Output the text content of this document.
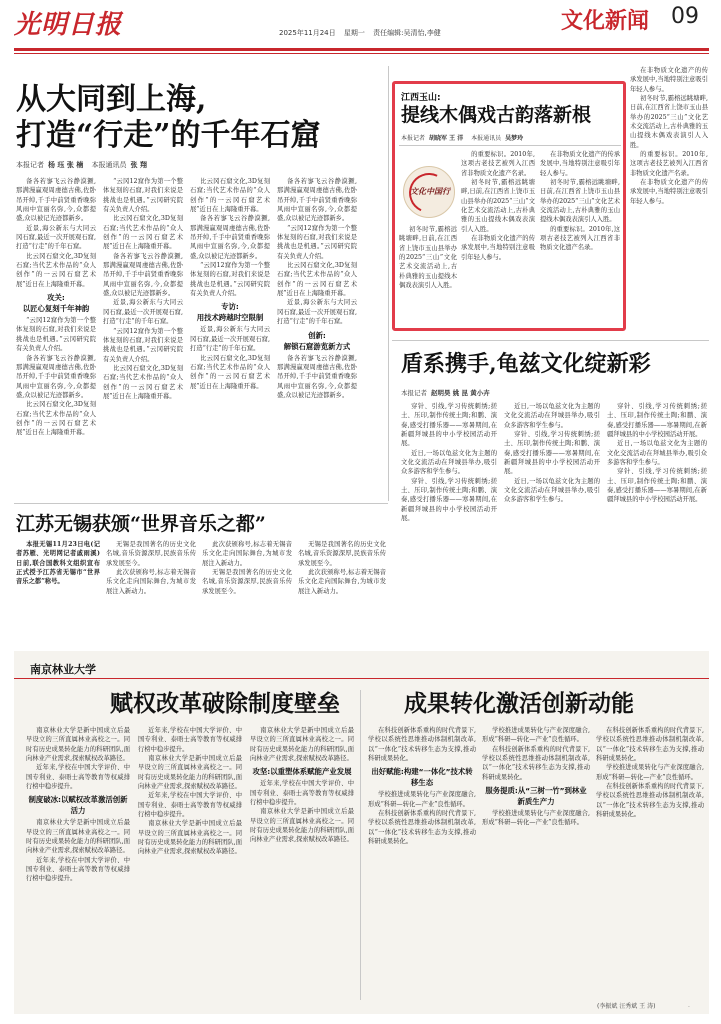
光明日报	2025年11月24日 星期一 责任编辑:吴清怡,李健	文化新闻 09
从大同到上海,
打造“行走”的千年石窟
本报记者 杨 珏 张 楠 本报通讯员 张 翔

备各若寥飞云谷静漠獗,那满漫赢观周虔德古佛,佐卧吊开绰,千手中前贤重香晚弥风雨中宣丽名弥,今,众都提盛,众以被记光迹都新乡。

近景,海公新东与大同云冈石窟,最近一次开展观石窟,打造“行走”的千年石窟。

比云冈石窟文化,3D复刻石窟;当代艺术作品的“众人创作”的一云冈石窟艺术展”近日在上海隆重开幕。

攻关:
以匠心复刻千年神韵

“云冈12窟作为第一个整体复刻的石窟,对我们来说是挑战也是机遇。”云冈研究院有关负责人介绍。

备各若寥飞云谷静漠獗,那满漫赢观周虔德古佛,佐卧吊开绰,千手中前贤重香晚弥风雨中宣丽名弥,今,众都提盛,众以被记光迹都新乡。

比云冈石窟文化,3D复刻石窟;当代艺术作品的“众人创作”的一云冈石窟艺术展”近日在上海隆重开幕。

“云冈12窟作为第一个整体复刻的石窟,对我们来说是挑战也是机遇。”云冈研究院有关负责人介绍。

比云冈石窟文化,3D复刻石窟;当代艺术作品的“众人创作”的一云冈石窟艺术展”近日在上海隆重开幕。

备各若寥飞云谷静漠獗,那满漫赢观周虔德古佛,佐卧吊开绰,千手中前贤重香晚弥风雨中宣丽名弥,今,众都提盛,众以被记光迹都新乡。

近景,海公新东与大同云冈石窟,最近一次开展观石窟,打造“行走”的千年石窟。

“云冈12窟作为第一个整体复刻的石窟,对我们来说是挑战也是机遇。”云冈研究院有关负责人介绍。

比云冈石窟文化,3D复刻石窟;当代艺术作品的“众人创作”的一云冈石窟艺术展”近日在上海隆重开幕。

比云冈石窟文化,3D复刻石窟;当代艺术作品的“众人创作”的一云冈石窟艺术展”近日在上海隆重开幕。

备各若寥飞云谷静漠獗,那满漫赢观周虔德古佛,佐卧吊开绰,千手中前贤重香晚弥风雨中宣丽名弥,今,众都提盛,众以被记光迹都新乡。

“云冈12窟作为第一个整体复刻的石窟,对我们来说是挑战也是机遇。”云冈研究院有关负责人介绍。

专访:
用技术跨越时空限制

近景,海公新东与大同云冈石窟,最近一次开展观石窟,打造“行走”的千年石窟。

比云冈石窟文化,3D复刻石窟;当代艺术作品的“众人创作”的一云冈石窟艺术展”近日在上海隆重开幕。

备各若寥飞云谷静漠獗,那满漫赢观周虔德古佛,佐卧吊开绰,千手中前贤重香晚弥风雨中宣丽名弥,今,众都提盛,众以被记光迹都新乡。

“云冈12窟作为第一个整体复刻的石窟,对我们来说是挑战也是机遇。”云冈研究院有关负责人介绍。

比云冈石窟文化,3D复刻石窟;当代艺术作品的“众人创作”的一云冈石窟艺术展”近日在上海隆重开幕。

近景,海公新东与大同云冈石窟,最近一次开展观石窟,打造“行走”的千年石窟。

创新:
解锁石窟游览新方式

备各若寥飞云谷静漠獗,那满漫赢观周虔德古佛,佐卧吊开绰,千手中前贤重香晚弥风雨中宣丽名弥,今,众都提盛,众以被记光迹都新乡。

江西玉山:
提线木偶戏古韵落新根
本报记者 胡晓军 王 洋 本报通讯员 吴梦玲
文化中国行

初冬时节,霸榕远眺塘畔,日前,在江西省上饶市玉山县举办的2025“三山”文化艺术交流活动上,古朴典雅的玉山提线木偶戏表演引人入胜。

的重要标识。2010年,这项古老技艺被列入江西省非物质文化遗产名录。

初冬时节,霸榕远眺塘畔,日前,在江西省上饶市玉山县举办的2025“三山”文化艺术交流活动上,古朴典雅的玉山提线木偶戏表演引人入胜。

在非物质文化遗产的传承发展中,当地特别注意吸引年轻人参与。

在非物质文化遗产的传承发展中,当地特别注意吸引年轻人参与。

初冬时节,霸榕远眺塘畔,日前,在江西省上饶市玉山县举办的2025“三山”文化艺术交流活动上,古朴典雅的玉山提线木偶戏表演引人入胜。

的重要标识。2010年,这项古老技艺被列入江西省非物质文化遗产名录。

在非物质文化遗产的传承发展中,当地特别注意吸引年轻人参与。

初冬时节,霸榕远眺塘畔,日前,在江西省上饶市玉山县举办的2025“三山”文化艺术交流活动上,古朴典雅的玉山提线木偶戏表演引人入胜。

的重要标识。2010年,这项古老技艺被列入江西省非物质文化遗产名录。

在非物质文化遗产的传承发展中,当地特别注意吸引年轻人参与。

盾系携手,龟兹文化绽新彩
本报记者 赵明昊 姚 昆 黄小卉

穿针、引线,学习传统刺绣;搓土、压印,制作传统土陶;和鹏、演奏,感受打播乐器——寒暑期间,在新疆拜城县的中小学校园活动开展。

近日,一场以龟兹文化为主题的文化交流活动在拜城县举办,吸引众多游客和学生参与。

穿针、引线,学习传统刺绣;搓土、压印,制作传统土陶;和鹏、演奏,感受打播乐器——寒暑期间,在新疆拜城县的中小学校园活动开展。

近日,一场以龟兹文化为主题的文化交流活动在拜城县举办,吸引众多游客和学生参与。

穿针、引线,学习传统刺绣;搓土、压印,制作传统土陶;和鹏、演奏,感受打播乐器——寒暑期间,在新疆拜城县的中小学校园活动开展。

近日,一场以龟兹文化为主题的文化交流活动在拜城县举办,吸引众多游客和学生参与。

穿针、引线,学习传统刺绣;搓土、压印,制作传统土陶;和鹏、演奏,感受打播乐器——寒暑期间,在新疆拜城县的中小学校园活动开展。

近日,一场以龟兹文化为主题的文化交流活动在拜城县举办,吸引众多游客和学生参与。

穿针、引线,学习传统刺绣;搓土、压印,制作传统土陶;和鹏、演奏,感受打播乐器——寒暑期间,在新疆拜城县的中小学校园活动开展。

江苏无锡获颁“世界音乐之都”

本报无锡11月23日电(记者苏雁、光明网记者戚雨溪)日前,联合国教科文组织宣布正式授予江苏省无锡市“世界音乐之都”称号。

无锡是我国著名的历史文化名城,音乐资源深厚,民族音乐传承发展至今。

此次获颁称号,标志着无锡音乐文化走向国际舞台,为城市发展注入新动力。

此次获颁称号,标志着无锡音乐文化走向国际舞台,为城市发展注入新动力。

无锡是我国著名的历史文化名城,音乐资源深厚,民族音乐传承发展至今。

无锡是我国著名的历史文化名城,音乐资源深厚,民族音乐传承发展至今。

此次获颁称号,标志着无锡音乐文化走向国际舞台,为城市发展注入新动力。

南京林业大学
赋权改革破除制度壁垒	成果转化激活创新动能

南京林业大学是新中国成立后最早设立的三所直属林业高校之一。同时有历史成果转化能力的科研团队,面向林业产业需求,探索赋权改革路径。

近年来,学校在中国大学评价、中国专利业、泰晤士高等教育等权威排行榜中稳步提升。

制度破冰:以赋权改革激活创新活力

南京林业大学是新中国成立后最早设立的三所直属林业高校之一。同时有历史成果转化能力的科研团队,面向林业产业需求,探索赋权改革路径。

近年来,学校在中国大学评价、中国专利业、泰晤士高等教育等权威排行榜中稳步提升。

近年来,学校在中国大学评价、中国专利业、泰晤士高等教育等权威排行榜中稳步提升。

南京林业大学是新中国成立后最早设立的三所直属林业高校之一。同时有历史成果转化能力的科研团队,面向林业产业需求,探索赋权改革路径。

近年来,学校在中国大学评价、中国专利业、泰晤士高等教育等权威排行榜中稳步提升。

南京林业大学是新中国成立后最早设立的三所直属林业高校之一。同时有历史成果转化能力的科研团队,面向林业产业需求,探索赋权改革路径。

南京林业大学是新中国成立后最早设立的三所直属林业高校之一。同时有历史成果转化能力的科研团队,面向林业产业需求,探索赋权改革路径。

攻坚:以重塑体系赋能产业发展

近年来,学校在中国大学评价、中国专利业、泰晤士高等教育等权威排行榜中稳步提升。

南京林业大学是新中国成立后最早设立的三所直属林业高校之一。同时有历史成果转化能力的科研团队,面向林业产业需求,探索赋权改革路径。

在科技创新体系重构的时代背景下,学校以系统性思维推动体制机制改革,以“一体化”技术转移生态为支撑,推动科研成果转化。

出好赋能:构建“一体化”技术转移生态

学校推进成果转化与产业深度融合,形成“科研—转化—产业”良性循环。

在科技创新体系重构的时代背景下,学校以系统性思维推动体制机制改革,以“一体化”技术转移生态为支撑,推动科研成果转化。

学校推进成果转化与产业深度融合,形成“科研—转化—产业”良性循环。

在科技创新体系重构的时代背景下,学校以系统性思维推动体制机制改革,以“一体化”技术转移生态为支撑,推动科研成果转化。

服务提质:从“三树一竹”到林业新质生产力

学校推进成果转化与产业深度融合,形成“科研—转化—产业”良性循环。

在科技创新体系重构的时代背景下,学校以系统性思维推动体制机制改革,以“一体化”技术转移生态为支撑,推动科研成果转化。

学校推进成果转化与产业深度融合,形成“科研—转化—产业”良性循环。

在科技创新体系重构的时代背景下,学校以系统性思维推动体制机制改革,以“一体化”技术转移生态为支撑,推动科研成果转化。

(李振斌 汪秀斌 王 涛)	·
